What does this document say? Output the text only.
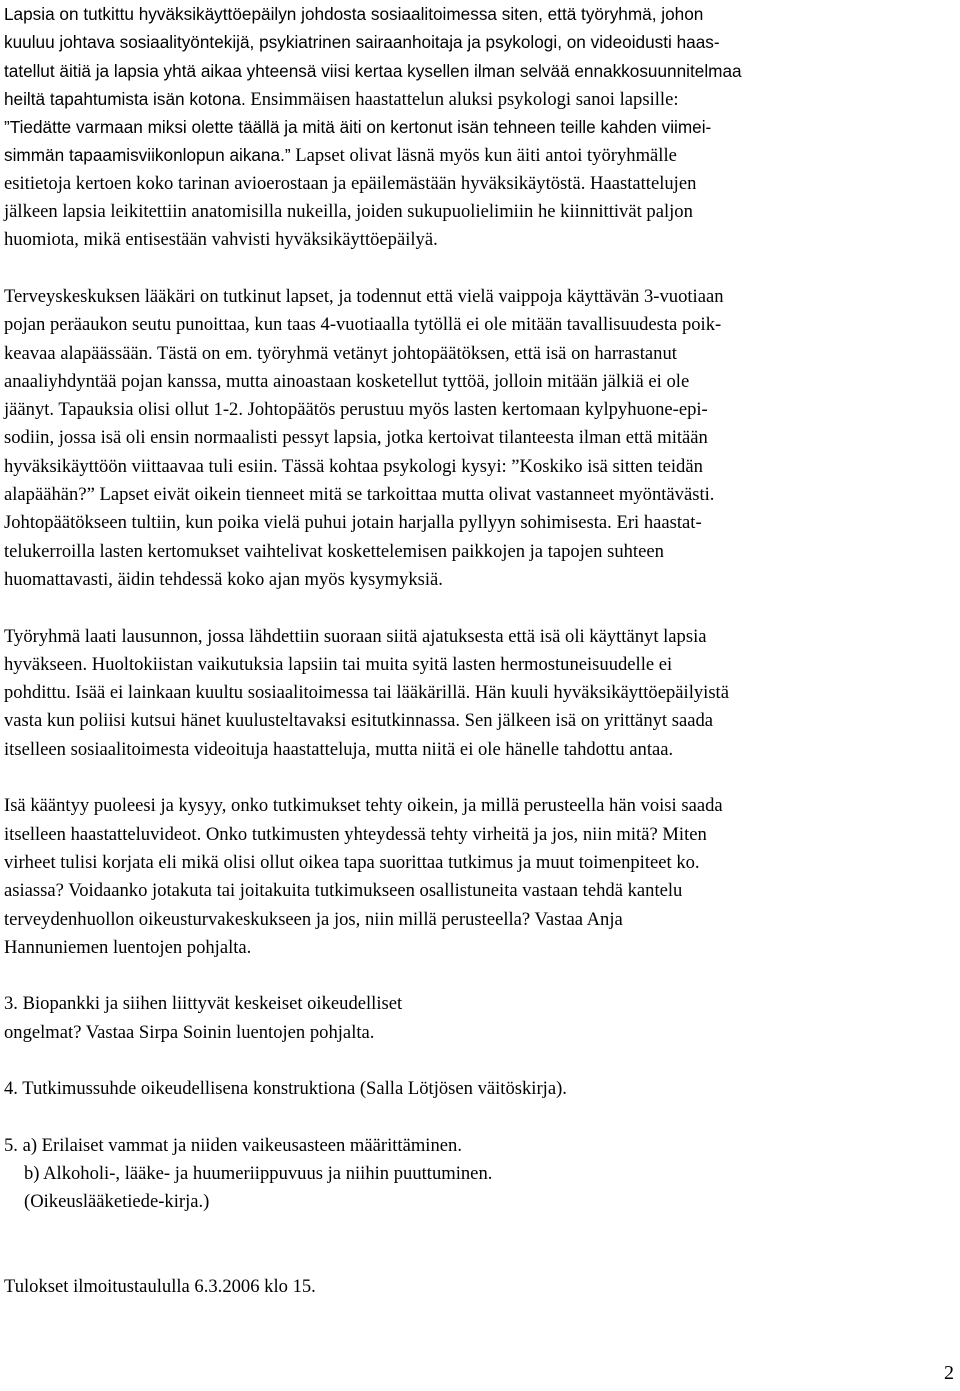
Lapsia on tutkittu hyväksikäyttöepäilyn johdosta sosiaalitoimessa siten, että työryhmä, johon
kuuluu johtava sosiaalityöntekijä, psykiatrinen sairaanhoitaja ja psykologi, on videoidusti haas-
tatellut äitiä ja lapsia yhtä aikaa yhteensä viisi kertaa kysellen ilman selvää ennakkosuunnitelmaa
heiltä tapahtumista isän kotona. Ensimmäisen haastattelun aluksi psykologi sanoi lapsille:
”Tiedätte varmaan miksi olette täällä ja mitä äiti on kertonut isän tehneen teille kahden viimei-
simmän tapaamisviikonlopun aikana.” Lapset olivat läsnä myös kun äiti antoi työryhmälle
esitietoja kertoen koko tarinan avioerostaan ja epäilemästään hyväksikäytöstä. Haastattelujen
jälkeen lapsia leikitettiin anatomisilla nukeilla, joiden sukupuolielimiin he kiinnittivät paljon
huomiota, mikä entisestään vahvisti hyväksikäyttöepäilyä.
Terveyskeskuksen lääkäri on tutkinut lapset, ja todennut että vielä vaippoja käyttävän 3-vuotiaan
pojan peräaukon seutu punoittaa, kun taas 4-vuotiaalla tytöllä ei ole mitään tavallisuudesta poik-
keavaa alapäässään. Tästä on em. työryhmä vetänyt johtopäätöksen, että isä on harrastanut
anaaliyhdyntää pojan kanssa, mutta ainoastaan kosketellut tyttöä, jolloin mitään jälkiä ei ole
jäänyt. Tapauksia olisi ollut 1-2. Johtopäätös perustuu myös lasten kertomaan kylpyhuone-epi-
sodiin, jossa isä oli ensin normaalisti pessyt lapsia, jotka kertoivat tilanteesta ilman että mitään
hyväksikäyttöön viittaavaa tuli esiin. Tässä kohtaa psykologi kysyi: ”Koskiko isä sitten teidän
alapäähän?” Lapset eivät oikein tienneet mitä se tarkoittaa mutta olivat vastanneet myöntävästi.
Johtopäätökseen tultiin, kun poika vielä puhui jotain harjalla pyllyyn sohimisesta. Eri haastat-
telukerroilla lasten kertomukset vaihtelivat koskettelemisen paikkojen ja tapojen suhteen
huomattavasti, äidin tehdessä koko ajan myös kysymyksiä.
Työryhmä laati lausunnon, jossa lähdettiin suoraan siitä ajatuksesta että isä oli käyttänyt lapsia
hyväkseen. Huoltokiistan vaikutuksia lapsiin tai muita syitä lasten hermostuneisuudelle ei
pohdittu. Isää ei lainkaan kuultu sosiaalitoimessa tai lääkärillä. Hän kuuli hyväksikäyttöepäilyistä
vasta kun poliisi kutsui hänet kuulusteltavaksi esitutkinnassa. Sen jälkeen isä on yrittänyt saada
itselleen sosiaalitoimesta videoituja haastatteluja, mutta niitä ei ole hänelle tahdottu antaa.
Isä kääntyy puoleesi ja kysyy, onko tutkimukset tehty oikein, ja millä perusteella hän voisi saada
itselleen haastatteluvideot. Onko tutkimusten yhteydessä tehty virheitä ja jos, niin mitä? Miten
virheet tulisi korjata eli mikä olisi ollut oikea tapa suorittaa tutkimus ja muut toimenpiteet ko.
asiassa? Voidaanko jotakuta tai joitakuita tutkimukseen osallistuneita vastaan tehdä kantelu
terveydenhuollon oikeusturvakeskukseen ja jos, niin millä perusteella? Vastaa Anja
Hannuniemen luentojen pohjalta.
3. Biopankki ja siihen liittyvät keskeiset oikeudelliset
ongelmat? Vastaa Sirpa Soinin luentojen pohjalta.
4. Tutkimussuhde oikeudellisena konstruktiona (Salla Lötjösen väitöskirja).
5. a) Erilaiset vammat ja niiden vaikeusasteen määrittäminen.
b) Alkoholi-, lääke- ja huumeriippuvuus ja niihin puuttuminen.
(Oikeuslääketiede-kirja.)
Tulokset ilmoitustaululla 6.3.2006 klo 15.
2
